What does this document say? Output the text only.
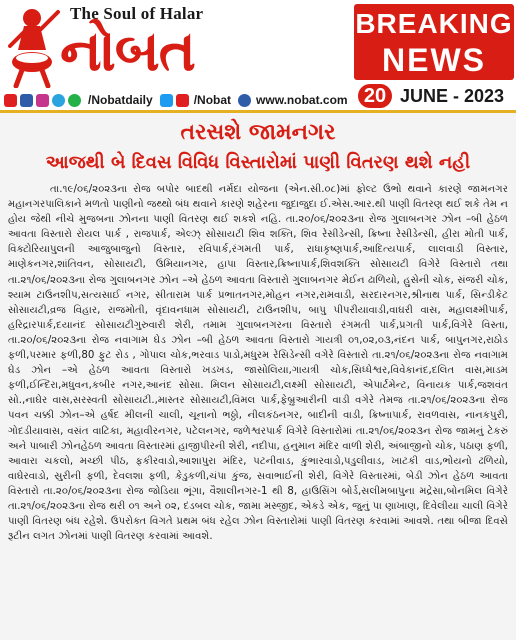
The Soul of Halar
નોબત
/Nobatdaily	/Nobat www.nobat.com
BREAKING
NEWS
20 JUNE - 2023
તરસશે જામનગર
આજથી બે દિવસ વિવિધ વિસ્તારોમાં પાણી વિતરણ થશે નહી

તા.૧૯/૦૬/૨૦૨૩ના રોજ બપોર બાદથી નર્મદા યોજના (એન.સી.૦૮)માં ફોલ્ટ ઉભો થવાને કારણે જામનગર મહાનગરપાલિકાને મળતો પાણીનો જથ્થો બંધ થવાને કારણે શહેરના જુદાજુદા ઈ.એસ.આર.થી પાણી વિતરણ થઈ શકે તેમ ન હોય જેથી નીચે મુજબના ઝોનના પાણી વિતરણ થઈ શકશે નહિ. તા.૨૦/૦૬/૨૦૨૩ના રોજ ગુલાબનગર ઝોન –બી હેઠળ આવતા વિસ્તારો રોયલ પાર્ક , રાજપાર્ક, એલ્ઝ્ સોસાયટી શિવ શક્તિ, શિવ રેસીડેન્સી, ક્રિષ્ના રેસીડેન્સી, હીરા મોતી પાર્ક, વિક્ટોરિયાપુલની આજુબાજુનો વિસ્તાર, રવિપાર્ક,રંગમતી પાર્ક, રાધાકૃષ્ણપાર્ક,આદિત્યપાર્ક, લાલવાડી વિસ્તાર, માણેકનગર,શાંતિવન, સોસાયટી, ઉમિયાનગર, હાપા વિસ્તાર,ક્રિષ્નાપાર્ક,શિવશક્તિ સોસાયટી વિગેરે વિસ્તારો તથા તા.૨૧/૦૬/૨૦૨૩ના રોજ ગુલાબનગર ઝોન –એ હેઠળ આવતા વિસ્તારો ગુલાબનગર મેઈન ઢાળિયો, હુસેની ચોક, સંજરી ચોક, શ્યામ ટાઉનશીપ,સત્યસાઈ નગર, સીતારામ પાર્ક પ્રભાતનગર,મોહન નગર,રામવાડી, સરદારનગર,શ્રીનાથ પાર્ક, સિન્ડીકેટ સોસાયટી,વ્રજ વિહાર, રાજમોતી, વૃંદાવનધામ સોસાયટી, ટાઉનશીપ, બાપુ પીપરીયાવાડી,વાઘરી વાસ, મહાલક્ષ્મીપાર્ક, હરિદ્રારપાર્ક,દયાનંદ સોસાયટીગુરુવારી શેરી, તમામ ગુલાબનગરના વિસ્તારો રંગમતી પાર્ક,પ્રગતી પાર્ક,વિગેરે વિસ્તા, તા.૨૦/૦૬/૨૦૨૩ના રોજ નવાગામ ઘેડ ઝોન –બી હેઠળ આવતા વિસ્તારો ગાયત્રી ૦૧,૦૨,૦૩,નંદન પાર્ક, બાપુનગર,રાઠોડ ફળી,પરમાર ફળી,80 ફુટ રોડ , ગોપાલ ચોક,ભરવાડ પાડો,મધુરમ રેસિડેન્સી વગેરે વિસ્તારો તા.૨૧/૦૬/૨૦૨૩ના રોજ નવાગામ ઘેડ ઝોન –એ હેઠળ આવતા વિસ્તારો ખડખડ, જાસોલિયા,ગાયત્રી ચોક,સિધ્ધેશ્વર,વિવેકાનંદ,દલિત વાસ,માડમ ફળી,ઈન્દિરા,મધુવન,કબીર નગર,આનંદ સોસા. મિલન સોસાયટી,લક્ષ્મી સોસાયટી, એપાર્ટમેન્ટ, વિનાયક પાર્ક,જશવંત સો.,નાઘેર વાસ,સરસ્વતી સોસાયટી.,માસ્તર સોસાયટી,વિમલ પાર્ક,ફેબ્રુઆરીની વાડી વગેરે તેમજ તા.૨૧/૦૬/૨૦૨૩ના રોજ પવન ચક્કી ઝોન–એ હર્ષદ મીલની ચાલી, ચૂનાનો ભઠ્ઠો, નીલકંઠનગર, બાદીની વાડી, ક્રિષ્નાપાર્ક, રાવળવાસ, નાનકપુરી, ગોદડીયાવાસ, વસંત વાટિકા, મહાવીરનગર, પટેલનગર, જળેશ્વરપાર્ક વિગેરે વિસ્તારોમાં તા.૨૧/૦૬/૨૦૨૩ન રોજ જામનું ટેકરું અને પાબારી ઝોનહેઠળ આવતા વિસ્તારમાં હાજીપીરની શેરી, નદીપા, હનુમાન મંદિર વાળી શેરી, અંબાજીનો ચોક, પઠાણ ફળી, આવારા ચકલો, મચ્છી પીઠ, ફકીરવાડો,આશાપુરા મંદિર, પટનીવાડ, કુંભારવાડો,પડુલીવાડ, ખાટકી વાડ,ભોયનો ઢળિયો, વાઘેરવાડો, સુરીની ફળી, દેવલશા ફળી, કેડુકળી,ચંપા કુંજ, સવાભાઈની શેરી, વિગેરે વિસ્તારમાં, બેડી ઝોન હેઠળ આવતા વિસ્તારો તા.૨૦/૦૬/૨૦૨૩ના રોજ જોડિયા ભૂંગા, વૈશાલીનગર-1 થી 8, હાઉસિંગ બોર્ડ,સલીમબાપુના મદ્રેસા,બોનમિલ વિગેરે તા.૨૧/૦૬/૨૦૨૩ના રોજ થરી ૦૧ અને ૦૨, દંડબલ ચોક, જામા મસ્જીદ, એકડે એક, જુનું પા ણાખાણ, દિવેલીયા ચાલી વિગેરે પાણી વિતરણ બંધ રહેશે. ઉપરોક્ત વિગતે પ્રથમ બંધ રહેલ ઝોન વિસ્તારોમાં પાણી વિતરણ કરવામાં આવશે. તથા બીજા દિવસે રૂટીન લગત ઝોનમાં પાણી વિતરણ કરવામાં આવશે.
